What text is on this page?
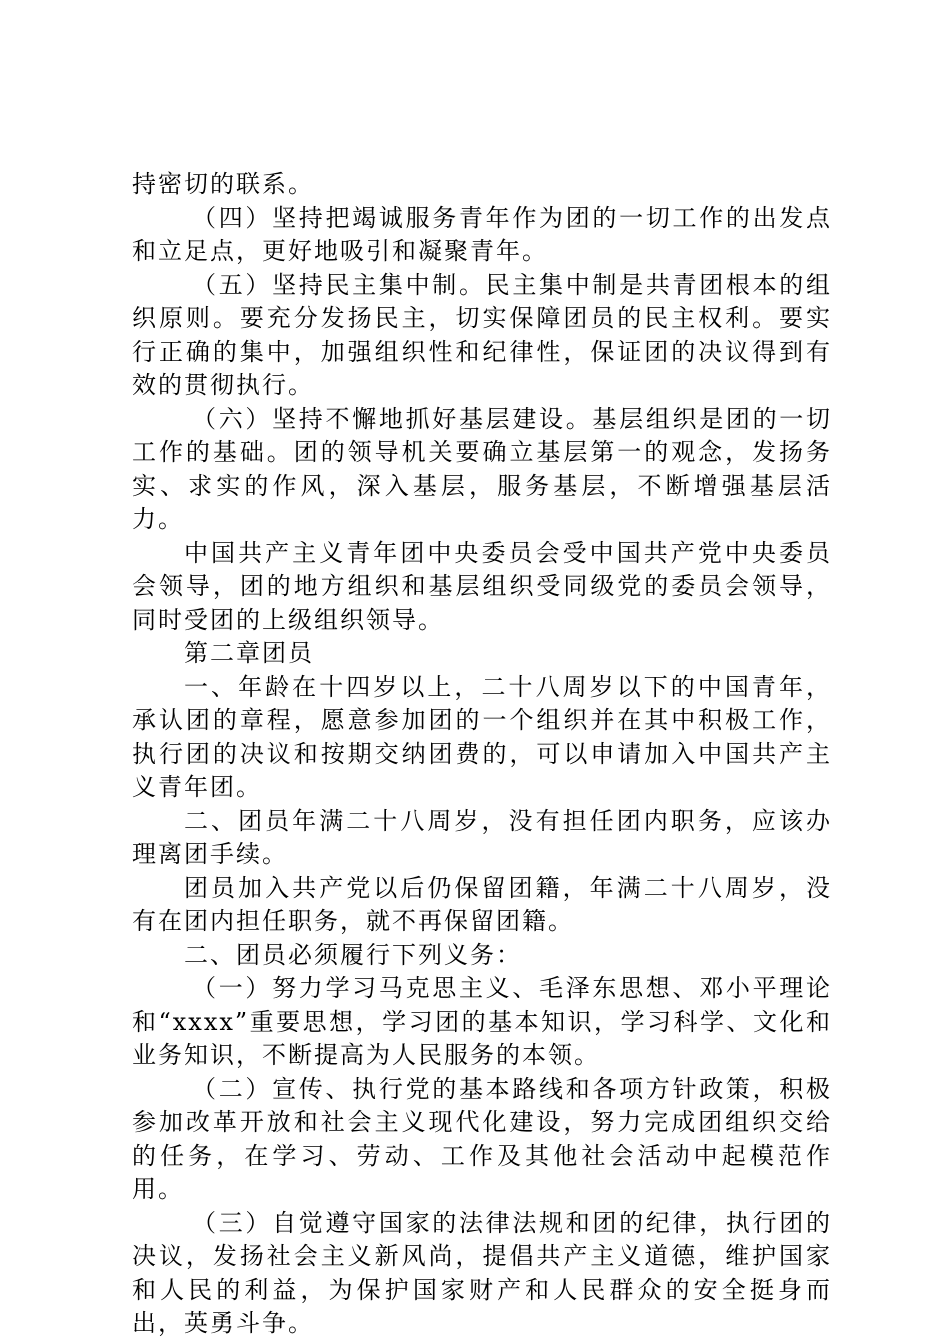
持密切的联系。

（四）坚持把竭诚服务青年作为团的一切工作的出发点和立足点，更好地吸引和凝聚青年。

（五）坚持民主集中制。民主集中制是共青团根本的组织原则。要充分发扬民主，切实保障团员的民主权利。要实行正确的集中，加强组织性和纪律性，保证团的决议得到有效的贯彻执行。

（六）坚持不懈地抓好基层建设。基层组织是团的一切工作的基础。团的领导机关要确立基层第一的观念，发扬务实、求实的作风，深入基层，服务基层，不断增强基层活力。

中国共产主义青年团中央委员会受中国共产党中央委员会领导，团的地方组织和基层组织受同级党的委员会领导，同时受团的上级组织领导。

第二章团员

一、年龄在十四岁以上，二十八周岁以下的中国青年，承认团的章程，愿意参加团的一个组织并在其中积极工作，执行团的决议和按期交纳团费的，可以申请加入中国共产主义青年团。

二、团员年满二十八周岁，没有担任团内职务，应该办理离团手续。

团员加入共产党以后仍保留团籍，年满二十八周岁，没有在团内担任职务，就不再保留团籍。

二、团员必须履行下列义务：

（一）努力学习马克思主义、毛泽东思想、邓小平理论和“xxxx”重要思想，学习团的基本知识，学习科学、文化和业务知识，不断提高为人民服务的本领。

（二）宣传、执行党的基本路线和各项方针政策，积极参加改革开放和社会主义现代化建设，努力完成团组织交给的任务，在学习、劳动、工作及其他社会活动中起模范作用。

（三）自觉遵守国家的法律法规和团的纪律，执行团的决议，发扬社会主义新风尚，提倡共产主义道德，维护国家和人民的利益，为保护国家财产和人民群众的安全挺身而出，英勇斗争。
